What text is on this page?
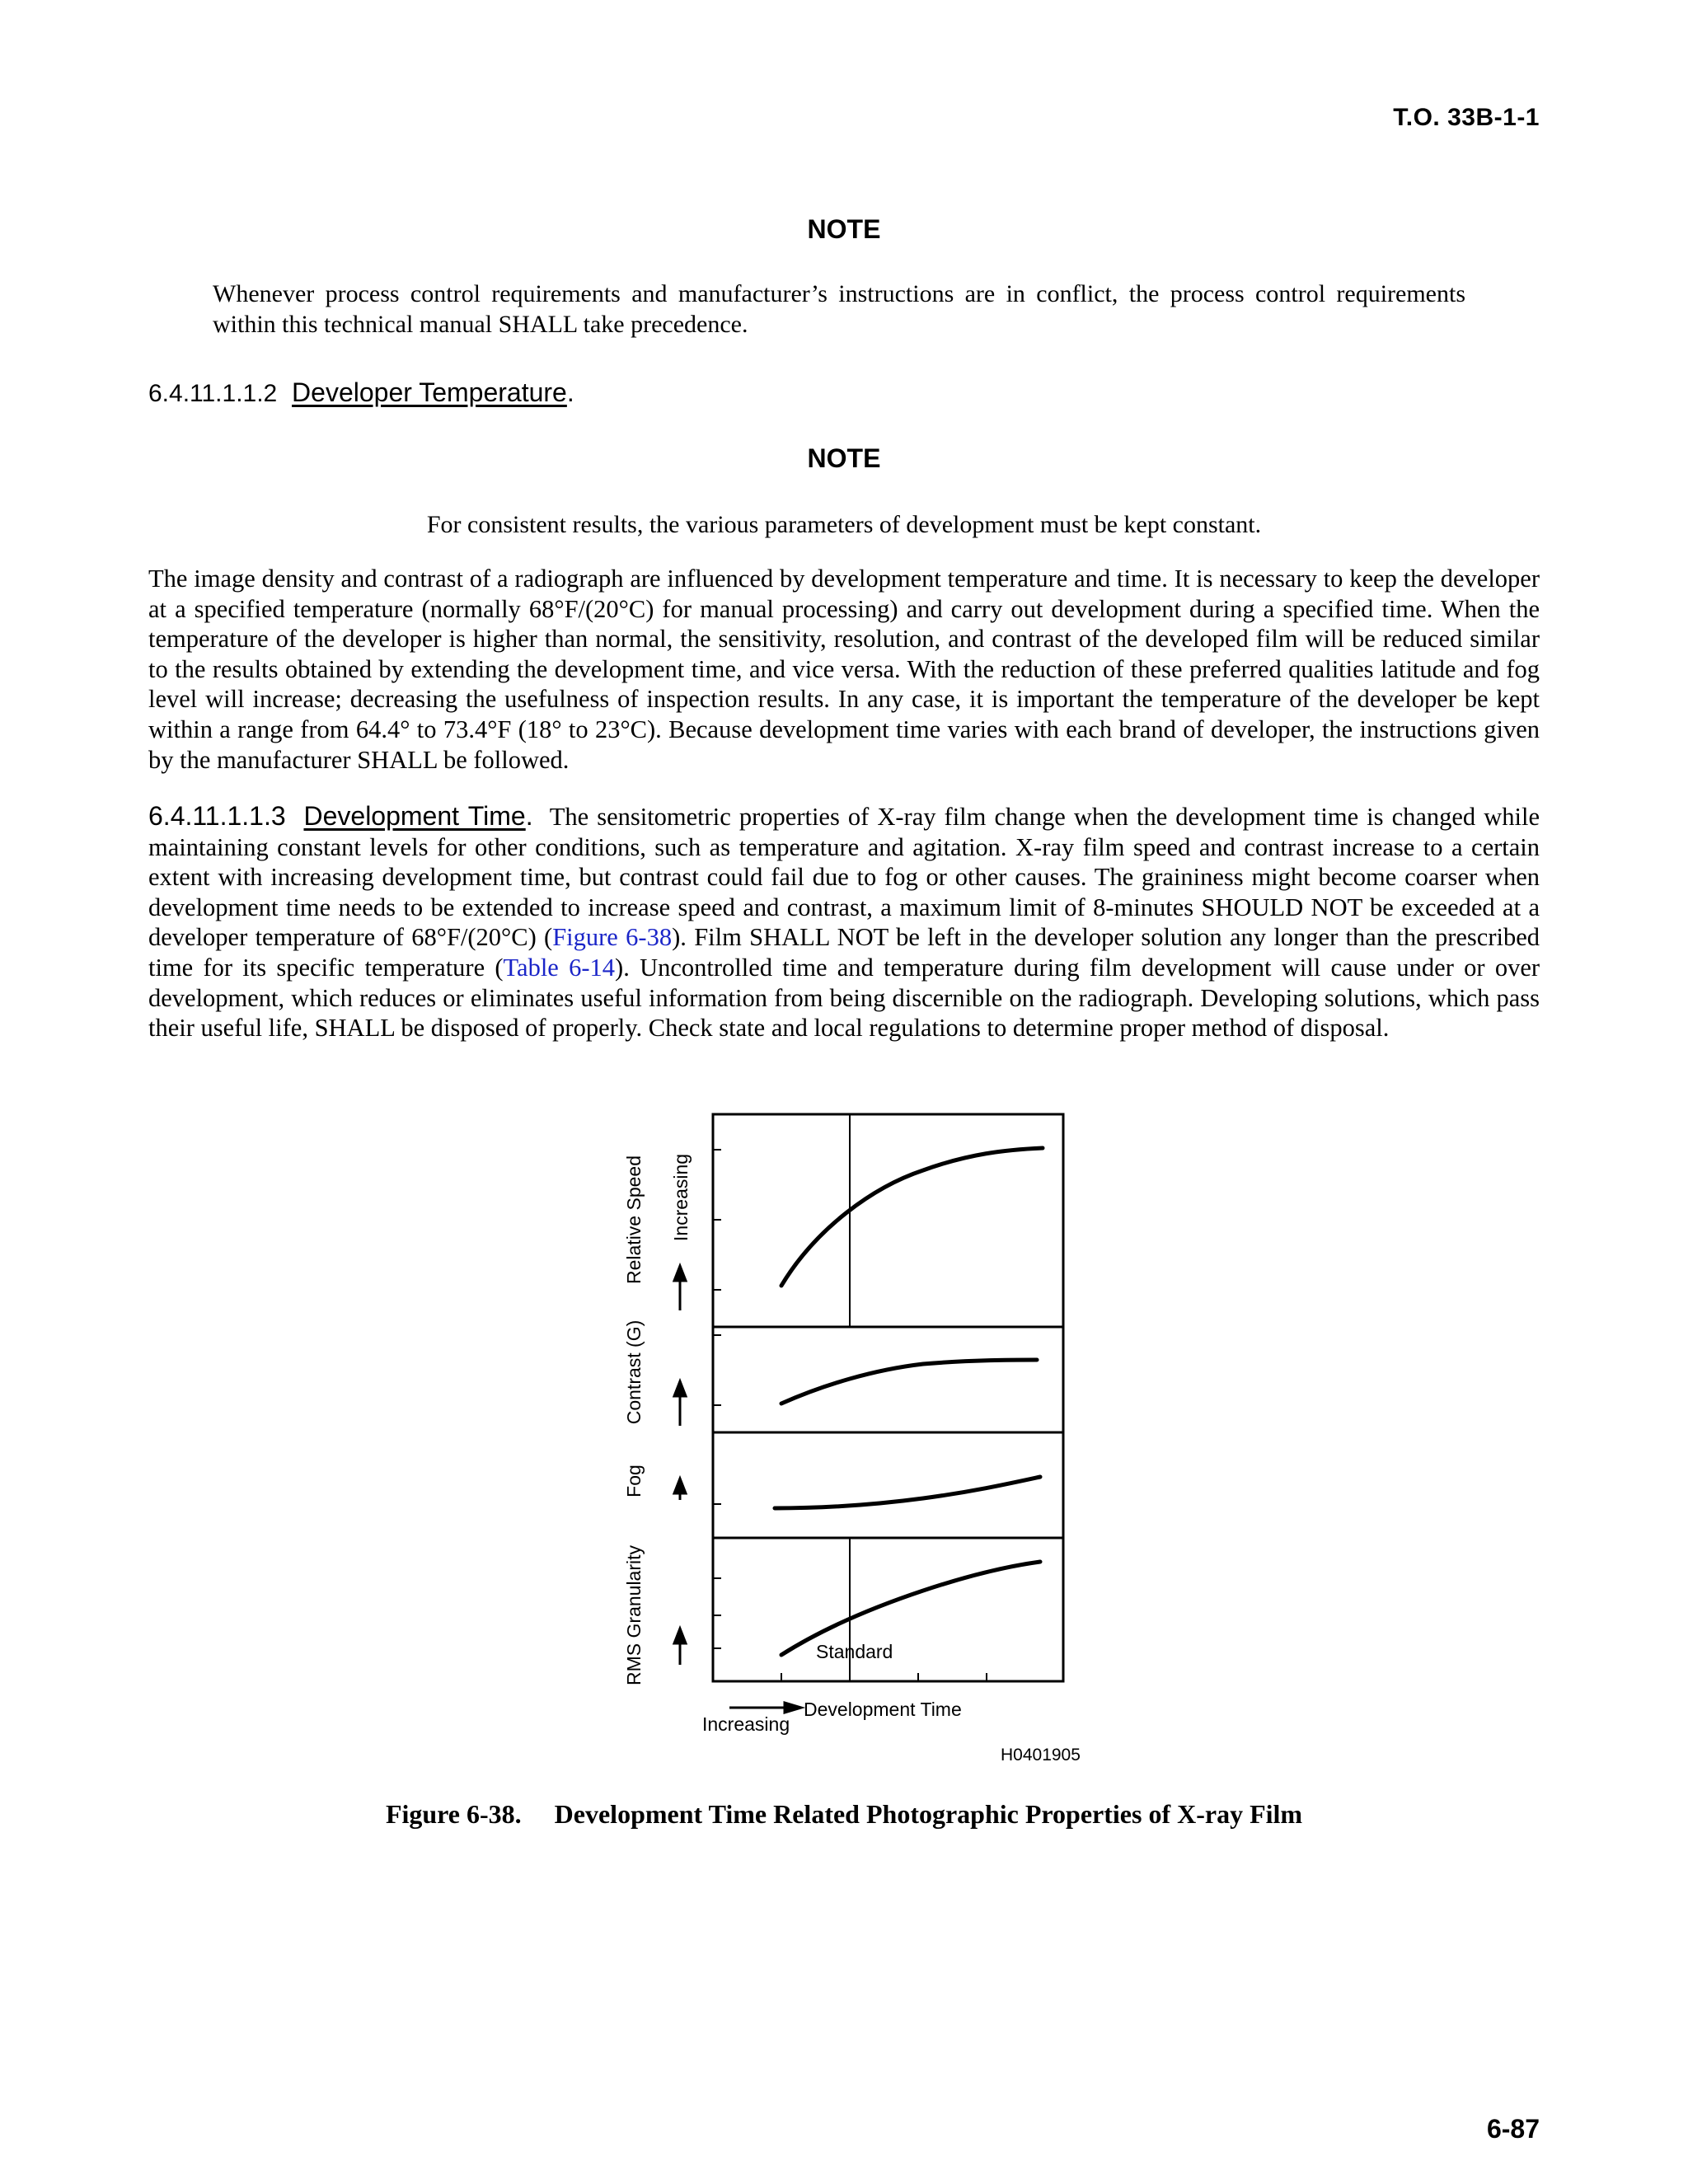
T.O. 33B-1-1
NOTE
Whenever process control requirements and manufacturer’s instructions are in conflict, the process control requirements within this technical manual SHALL take precedence.
6.4.11.1.1.2 Developer Temperature.
NOTE
For consistent results, the various parameters of development must be kept constant.
The image density and contrast of a radiograph are influenced by development temperature and time. It is necessary to keep the developer at a specified temperature (normally 68°F/(20°C) for manual processing) and carry out development during a specified time. When the temperature of the developer is higher than normal, the sensitivity, resolution, and contrast of the developed film will be reduced similar to the results obtained by extending the development time, and vice versa. With the reduction of these preferred qualities latitude and fog level will increase; decreasing the usefulness of inspection results. In any case, it is important the temperature of the developer be kept within a range from 64.4° to 73.4°F (18° to 23°C). Because development time varies with each brand of developer, the instructions given by the manufacturer SHALL be followed.
6.4.11.1.1.3 Development Time. The sensitometric properties of X-ray film change when the development time is changed while maintaining constant levels for other conditions, such as temperature and agitation. X-ray film speed and contrast increase to a certain extent with increasing development time, but contrast could fail due to fog or other causes. The graininess might become coarser when development time needs to be extended to increase speed and contrast, a maximum limit of 8-minutes SHOULD NOT be exceeded at a developer temperature of 68°F/(20°C) (Figure 6-38). Film SHALL NOT be left in the developer solution any longer than the prescribed time for its specific temperature (Table 6-14). Uncontrolled time and temperature during film development will cause under or over development, which reduces or eliminates useful information from being discernible on the radiograph. Developing solutions, which pass their useful life, SHALL be disposed of properly. Check state and local regulations to determine proper method of disposal.
Relative Speed Increasing
Contrast (G)
Fog
RMS Granularity	Standard
Development Time
Increasing
H0401905
Figure 6-38. Development Time Related Photographic Properties of X-ray Film
6-87
